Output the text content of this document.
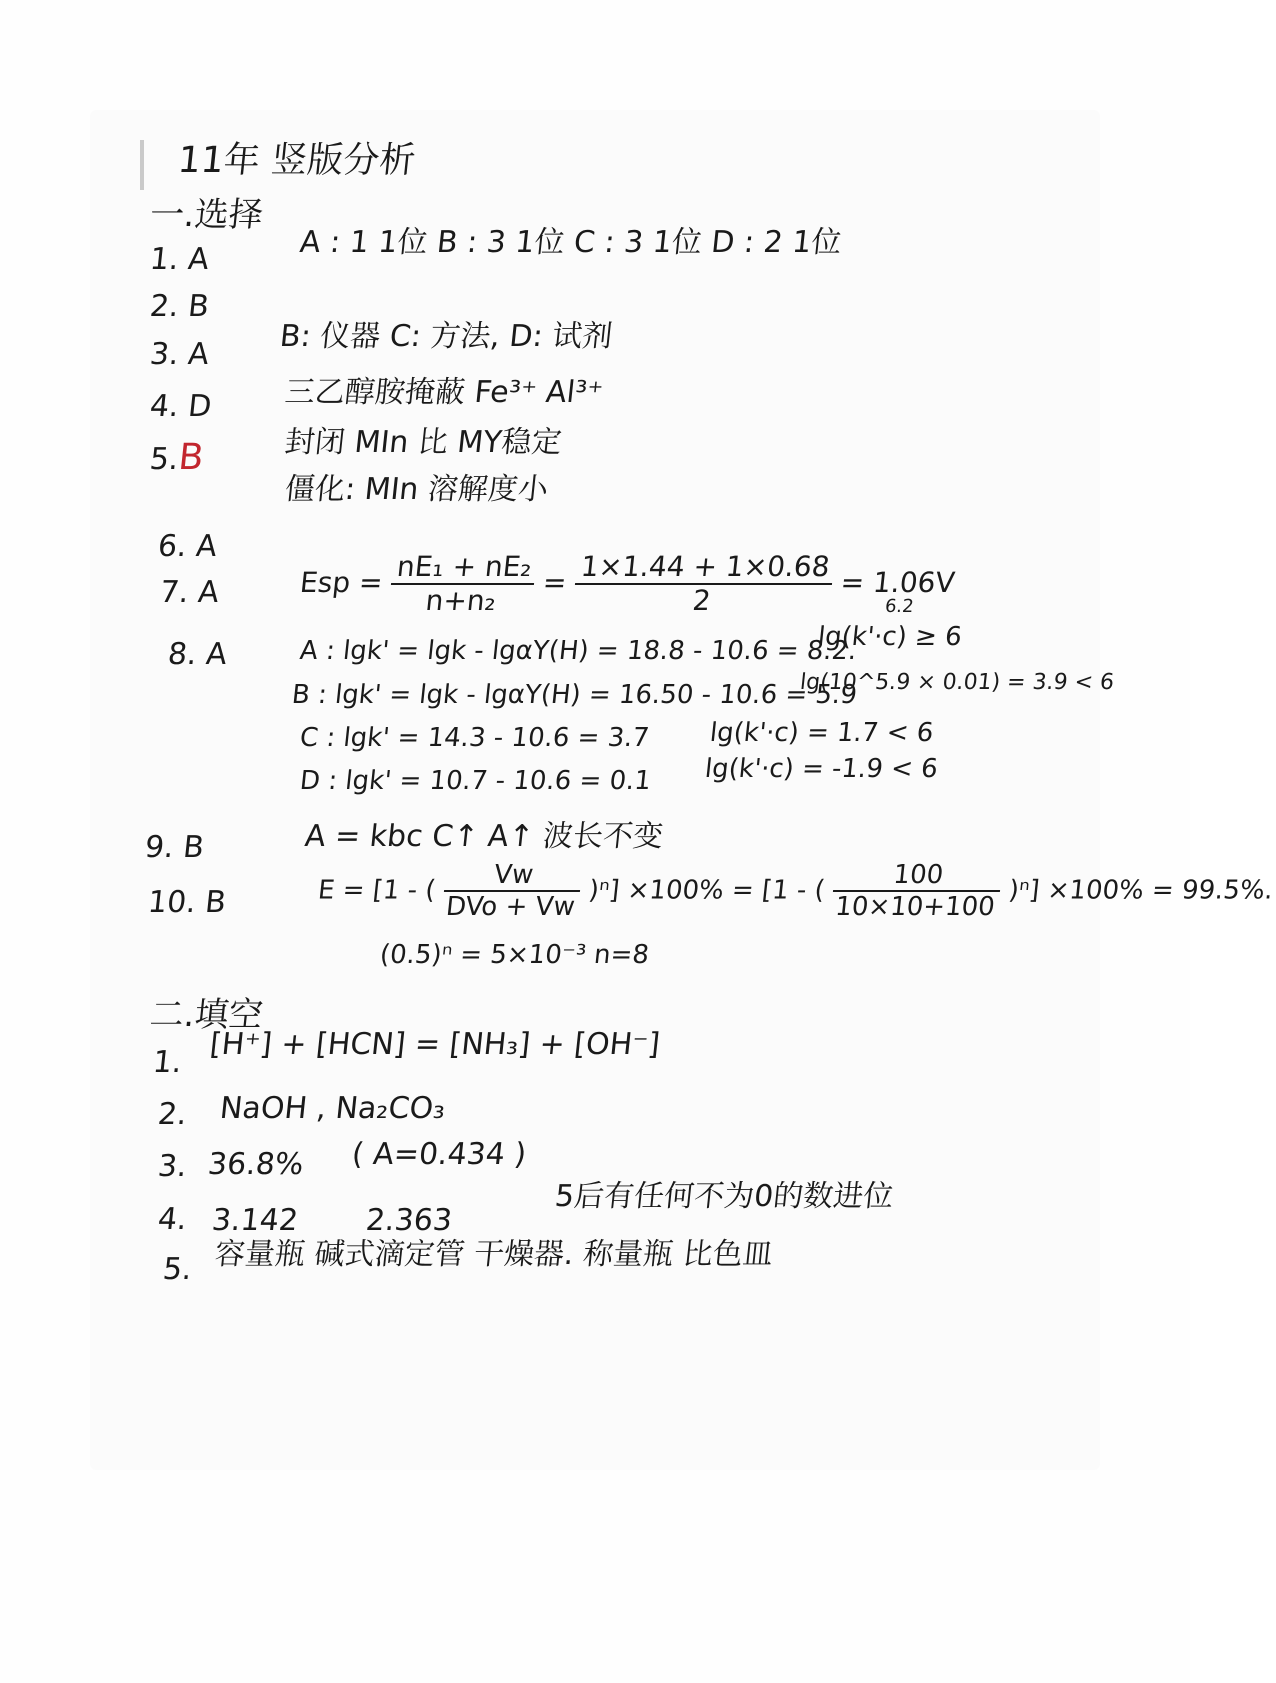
11年 竖版分析
一.选择
1. A	A : 1 1位 B : 3 1位 C : 3 1位 D : 2 1位
2. B
3. A
B: 仪器 C: 方法, D: 试剂
4. D 三乙醇胺掩蔽 Fe³⁺ Al³⁺
5.B	封闭 MIn 比 MY稳定
僵化: MIn 溶解度小
6. A
7. A	Esp = $\frac{\text{nE₁ + nE₂}}{\text{n+n₂}} = \frac{1\times 1.44 + 1\times 0.68}{2} = 1.06V$
8. A	A : lgk' = lgk - lgαY(H) = 18.8 - 10.6 = 8.2.
6.2
lg(k'·c) ≥ 6
B : lgk' = lgk - lgαY(H) = 16.50 - 10.6 = 5.9
lg(10^5.9 × 0.01) = 3.9 < 6
C : lgk' = 14.3 - 10.6 = 3.7 lg(k'·c) = 1.7 < 6
D : lgk' = 10.7 - 10.6 = 0.1 lg(k'·c) = -1.9 < 6
9. B	A = kbc C↑ A↑ 波长不变
10. B	E = [1 - ( $\frac{Vw}{\text{DVo + Vw}} )^n] \times 100\% = [1$ - ( $\frac{100}{10\times 10+100} )^n] \times 100\% = 99.5\%$.
(0.5)ⁿ = 5×10⁻³ n=8
二.填空
1.
[H⁺] + [HCN] = [NH₃] + [OH⁻]
2. NaOH , Na₂CO₃
3. 36.8% ( A=0.434 )
4. 3.142 2.363
5后有任何不为0的数进位
5. 容量瓶 碱式滴定管 干燥器. 称量瓶 比色皿
